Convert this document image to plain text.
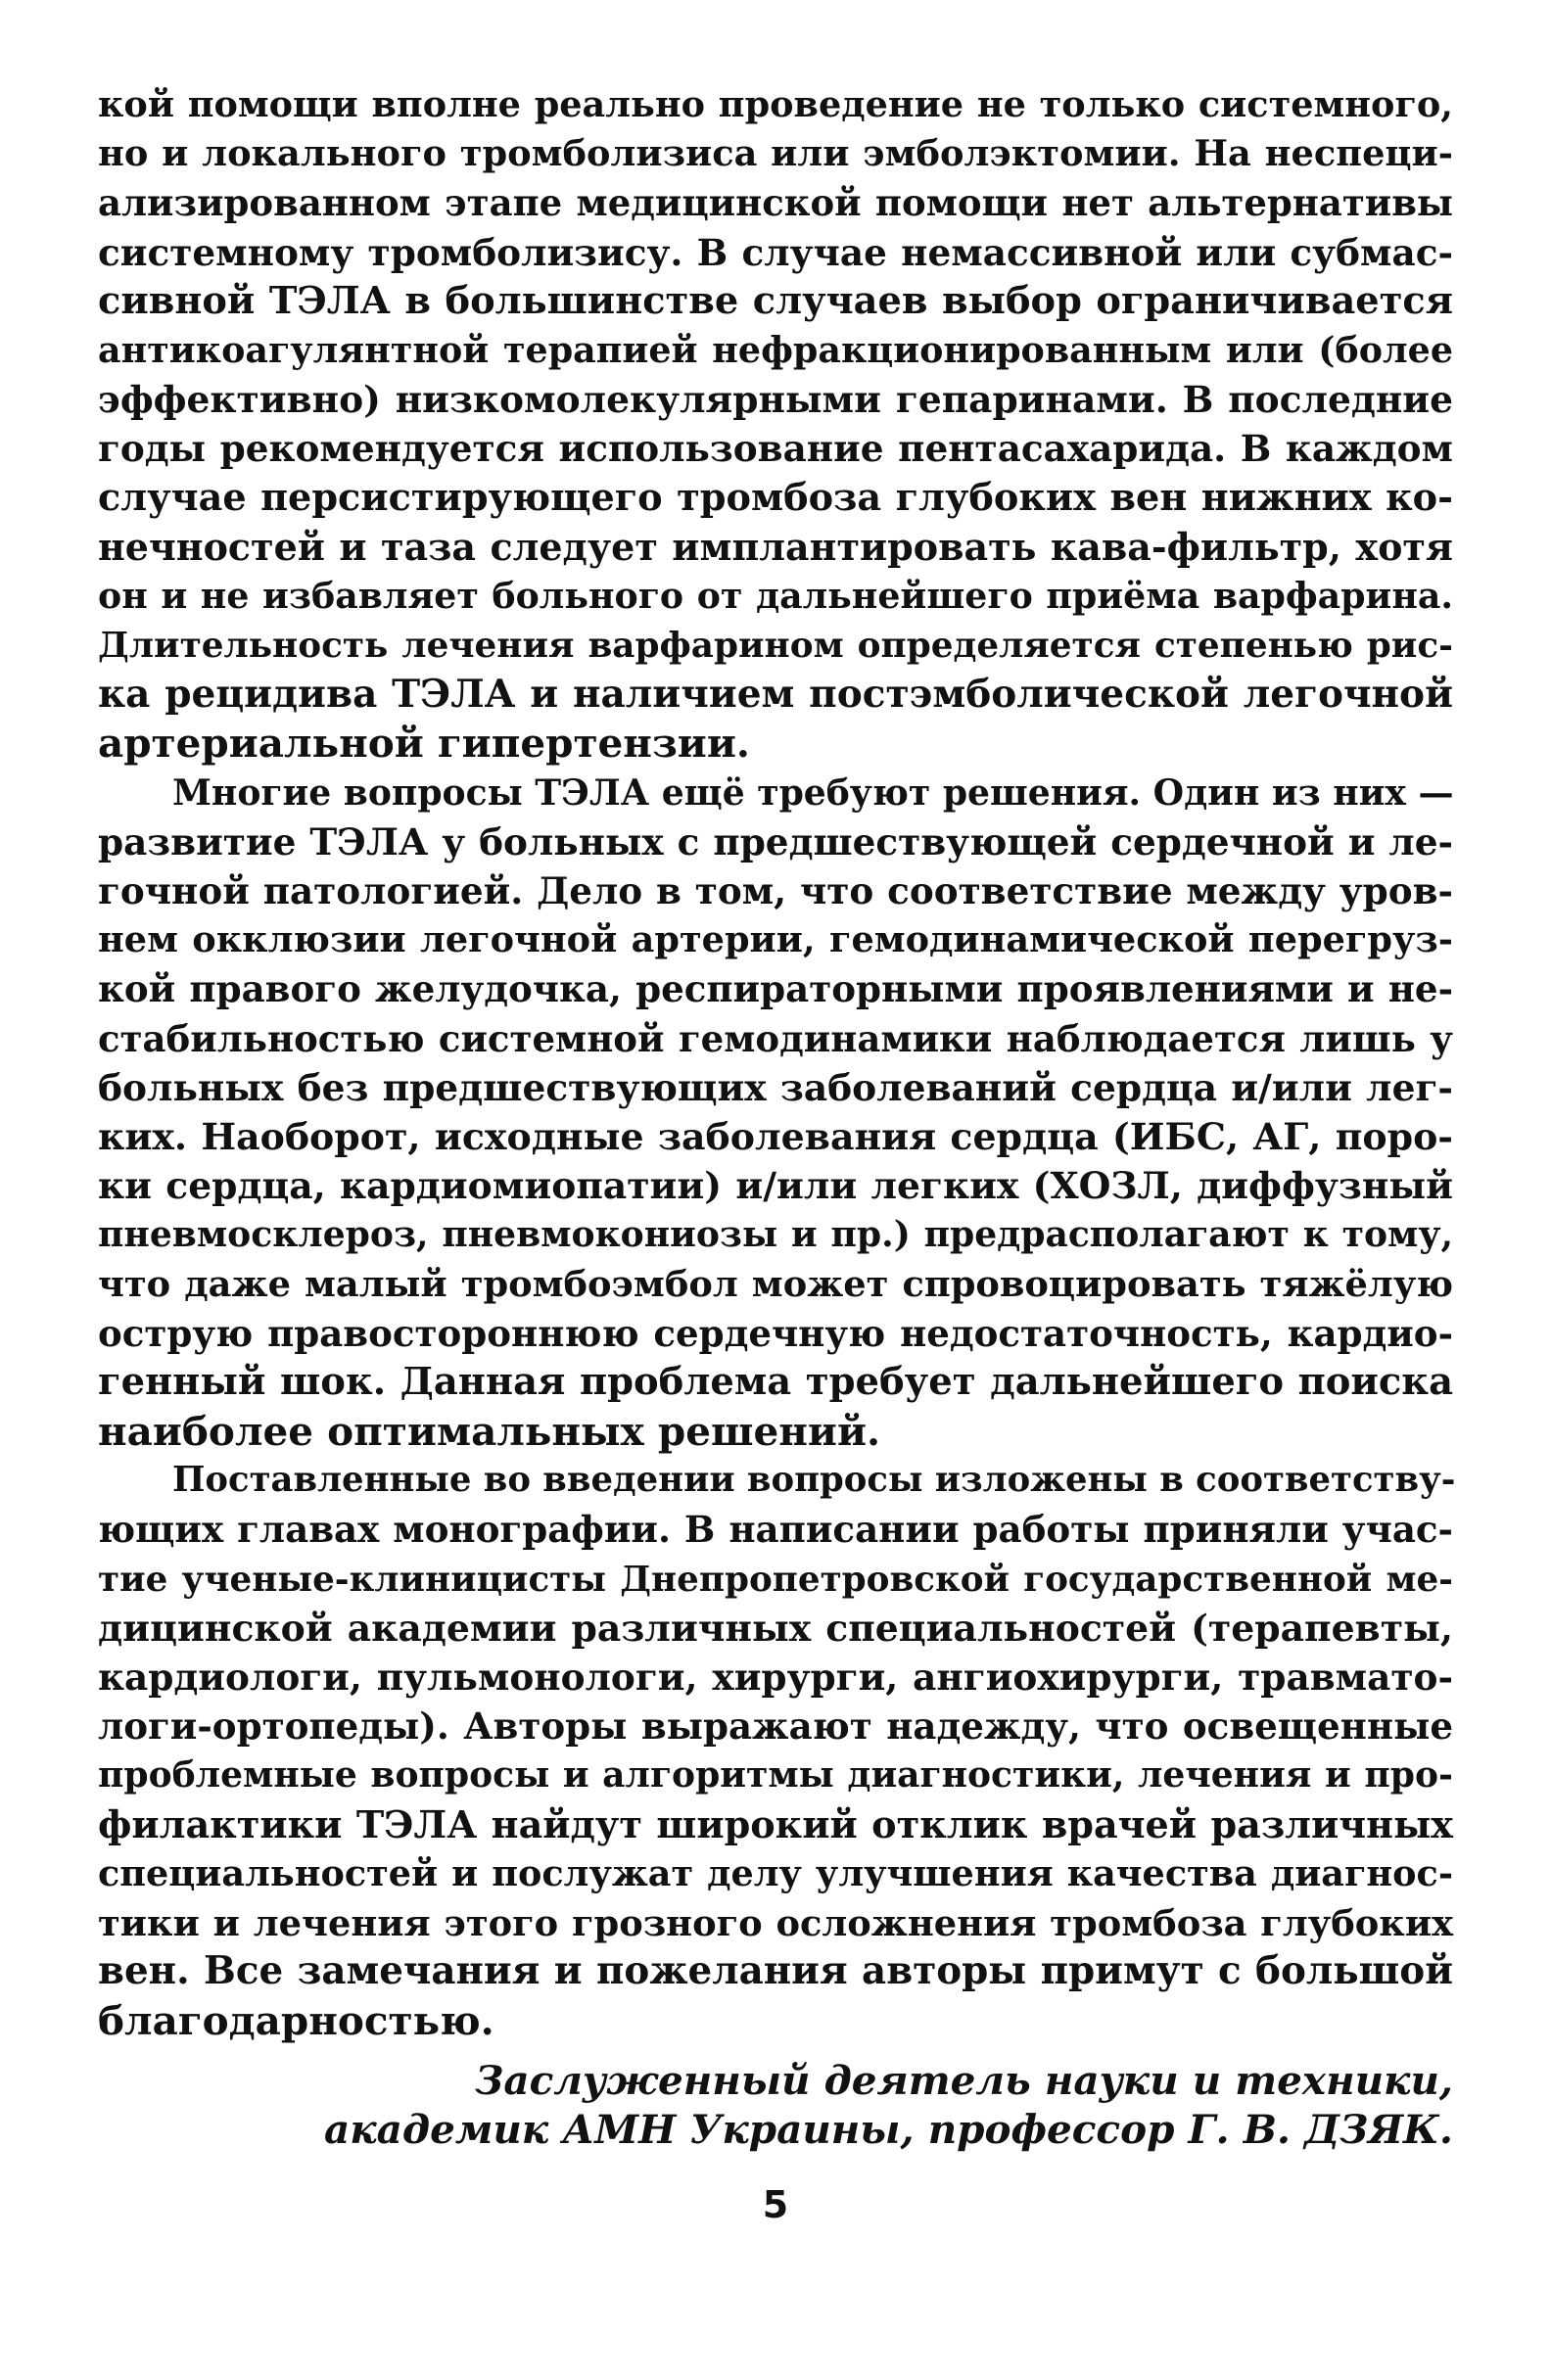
кой помощи вполне реально проведение не только системного,
но и локального тромболизиса или эмболэктомии. На неспеци-
ализированном этапе медицинской помощи нет альтернативы
системному тромболизису. В случае немассивной или субмас-
сивной ТЭЛА в большинстве случаев выбор ограничивается
антикоагулянтной терапией нефракционированным или (более
эффективно) низкомолекулярными гепаринами. В последние
годы рекомендуется использование пентасахарида. В каждом
случае персистирующего тромбоза глубоких вен нижних ко-
нечностей и таза следует имплантировать кава-фильтр, хотя
он и не избавляет больного от дальнейшего приёма варфарина.
Длительность лечения варфарином определяется степенью рис-
ка рецидива ТЭЛА и наличием постэмболической легочной
артериальной гипертензии.
Многие вопросы ТЭЛА ещё требуют решения. Один из них —
развитие ТЭЛА у больных с предшествующей сердечной и ле-
гочной патологией. Дело в том, что соответствие между уров-
нем окклюзии легочной артерии, гемодинамической перегруз-
кой правого желудочка, респираторными проявлениями и не-
стабильностью системной гемодинамики наблюдается лишь у
больных без предшествующих заболеваний сердца и/или лег-
ких. Наоборот, исходные заболевания сердца (ИБС, АГ, поро-
ки сердца, кардиомиопатии) и/или легких (ХОЗЛ, диффузный
пневмосклероз, пневмокониозы и пр.) предрасполагают к тому,
что даже малый тромбоэмбол может спровоцировать тяжёлую
острую правостороннюю сердечную недостаточность, кардио-
генный шок. Данная проблема требует дальнейшего поиска
наиболее оптимальных решений.
Поставленные во введении вопросы изложены в соответству-
ющих главах монографии. В написании работы приняли учас-
тие ученые-клиницисты Днепропетровской государственной ме-
дицинской академии различных специальностей (терапевты,
кардиологи, пульмонологи, хирурги, ангиохирурги, травмато-
логи-ортопеды). Авторы выражают надежду, что освещенные
проблемные вопросы и алгоритмы диагностики, лечения и про-
филактики ТЭЛА найдут широкий отклик врачей различных
специальностей и послужат делу улучшения качества диагнос-
тики и лечения этого грозного осложнения тромбоза глубоких
вен. Все замечания и пожелания авторы примут с большой
благодарностью.
Заслуженный деятель науки и техники,
академик АМН Украины, профессор Г. В. ДЗЯК.
5
